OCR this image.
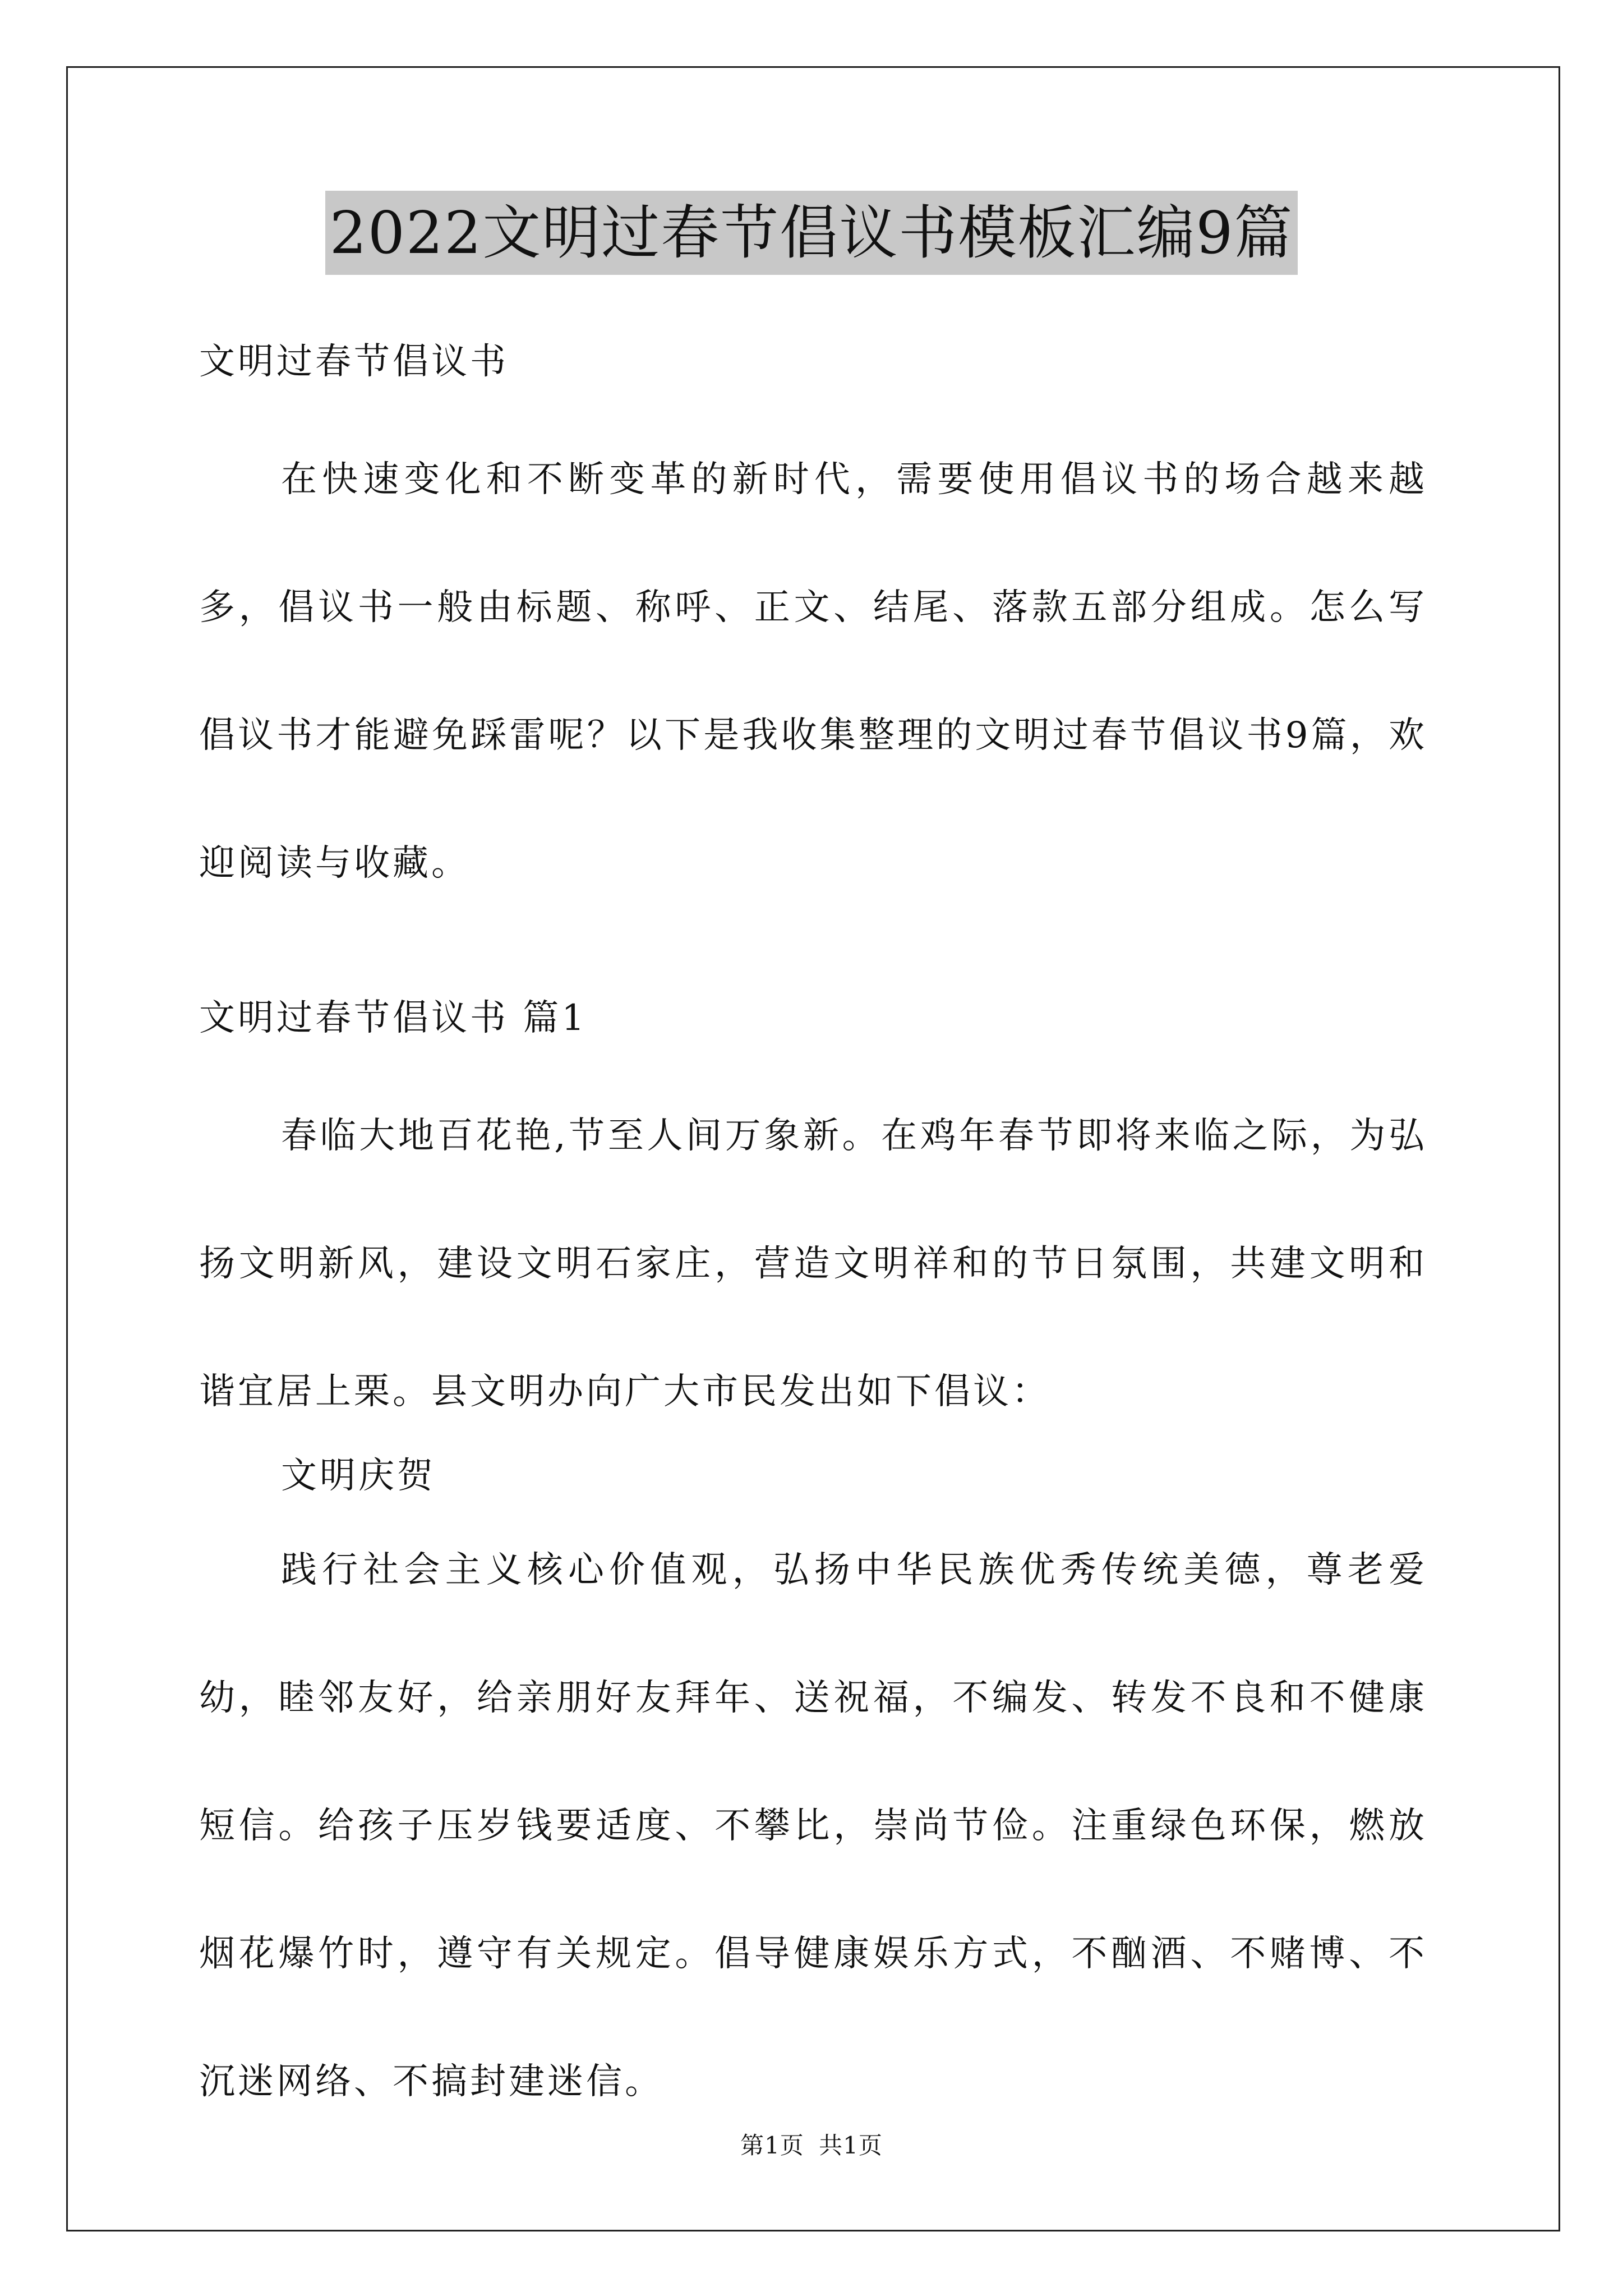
2022文明过春节倡议书模板汇编9篇
文明过春节倡议书
在快速变化和不断变革的新时代，需要使用倡议书的场合越来越多，倡议书一般由标题、称呼、正文、结尾、落款五部分组成。怎么写倡议书才能避免踩雷呢？以下是我收集整理的文明过春节倡议书9篇，欢迎阅读与收藏。
文明过春节倡议书 篇1
春临大地百花艳,节至人间万象新。在鸡年春节即将来临之际，为弘扬文明新风，建设文明石家庄，营造文明祥和的节日氛围，共建文明和谐宜居上栗。县文明办向广大市民发出如下倡议：
文明庆贺
践行社会主义核心价值观，弘扬中华民族优秀传统美德，尊老爱幼，睦邻友好，给亲朋好友拜年、送祝福，不编发、转发不良和不健康短信。给孩子压岁钱要适度、不攀比，崇尚节俭。注重绿色环保，燃放烟花爆竹时，遵守有关规定。倡导健康娱乐方式，不酗酒、不赌博、不沉迷网络、不搞封建迷信。
第1页 共1页
